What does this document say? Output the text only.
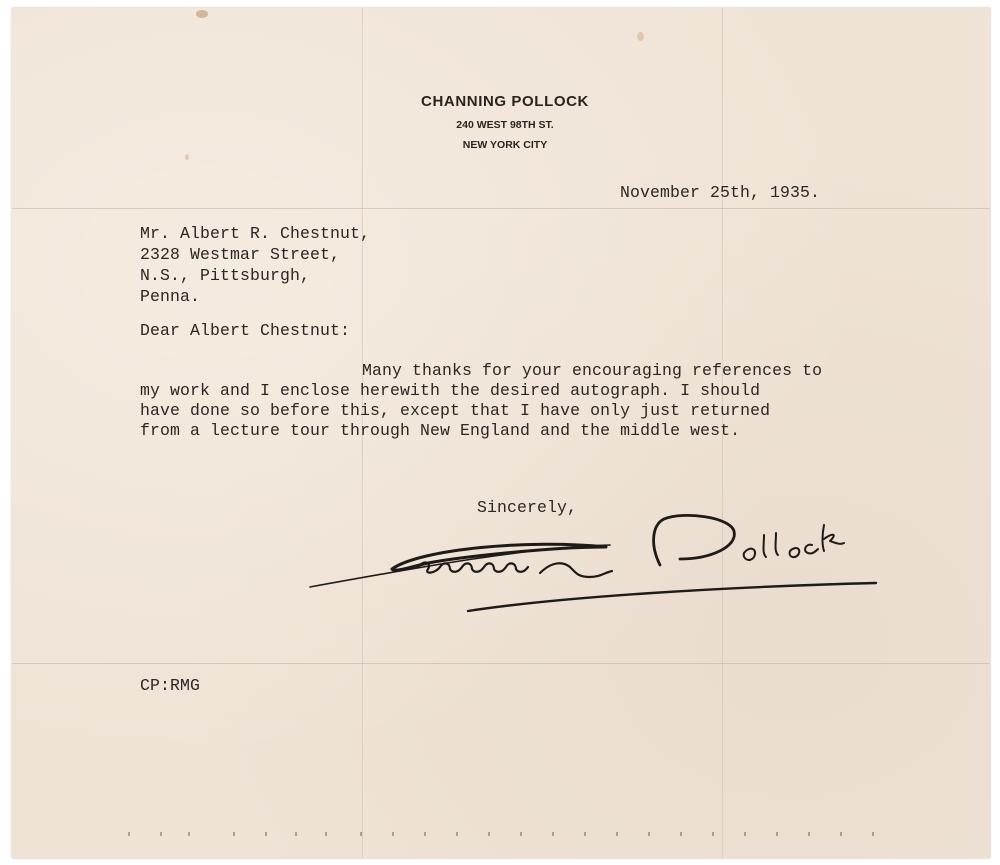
CHANNING POLLOCK
240 WEST 98TH ST.
NEW YORK CITY
November 25th, 1935.
Mr. Albert R. Chestnut,
2328 Westmar Street,
N.S., Pittsburgh,
Penna.
Dear Albert Chestnut:
Many thanks for your encouraging references to
my work and I enclose herewith the desired autograph. I should
have done so before this, except that I have only just returned
from a lecture tour through New England and the middle west.
Sincerely,
CP:RMG
